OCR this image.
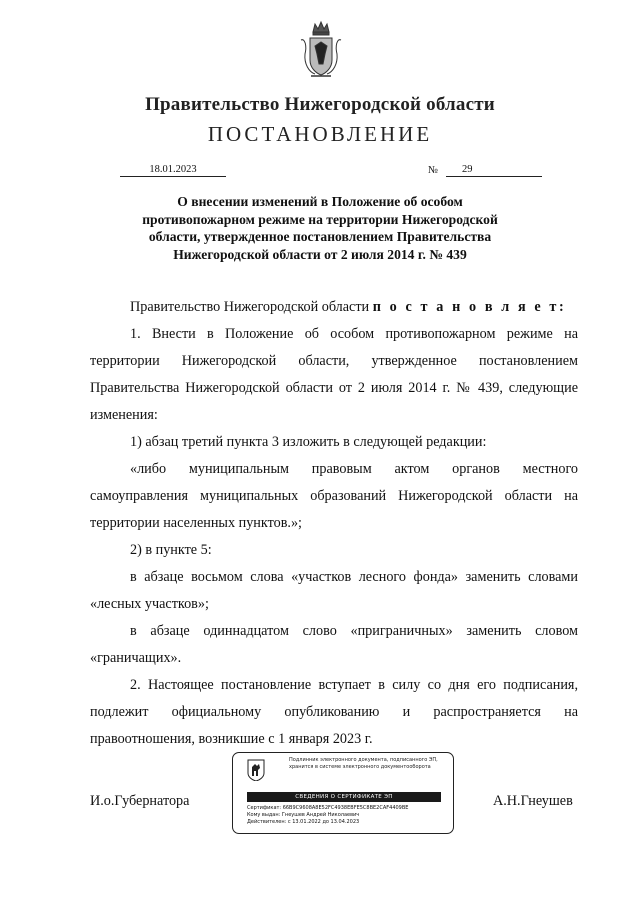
Правительство Нижегородской области
ПОСТАНОВЛЕНИЕ
18.01.2023	№	29
О внесении изменений в Положение об особом противопожарном режиме на территории Нижегородской области, утвержденное постановлением Правительства Нижегородской области от 2 июля 2014 г. № 439

Правительство Нижегородской области п о с т а н о в л я е т:

1. Внести в Положение об особом противопожарном режиме на территории Нижегородской области, утвержденное постановлением Правительства Нижегородской области от 2 июля 2014 г. № 439, следующие изменения:

1) абзац третий пункта 3 изложить в следующей редакции:

«либо муниципальным правовым актом органов местного самоуправления муниципальных образований Нижегородской области на территории населенных пунктов.»;

2) в пункте 5:

в абзаце восьмом слова «участков лесного фонда» заменить словами «лесных участков»;

в абзаце одиннадцатом слово «приграничных» заменить словом «граничащих».

2. Настоящее постановление вступает в силу со дня его подписания, подлежит официальному опубликованию и распространяется на правоотношения, возникшие с 1 января 2023 г.

И.о.Губернатора
Подлинник электронного документа, подписанного ЭП, хранится в системе электронного документооборота
СВЕДЕНИЯ О СЕРТИФИКАТЕ ЭП
Сертификат: 66B9C9608A8E52FC4938EBFE5C8BE2CAF4409BE
Кому выдан: Гнеушев Андрей Николаевич
Действителен: с 13.01.2022 до 13.04.2023
А.Н.Гнеушев
